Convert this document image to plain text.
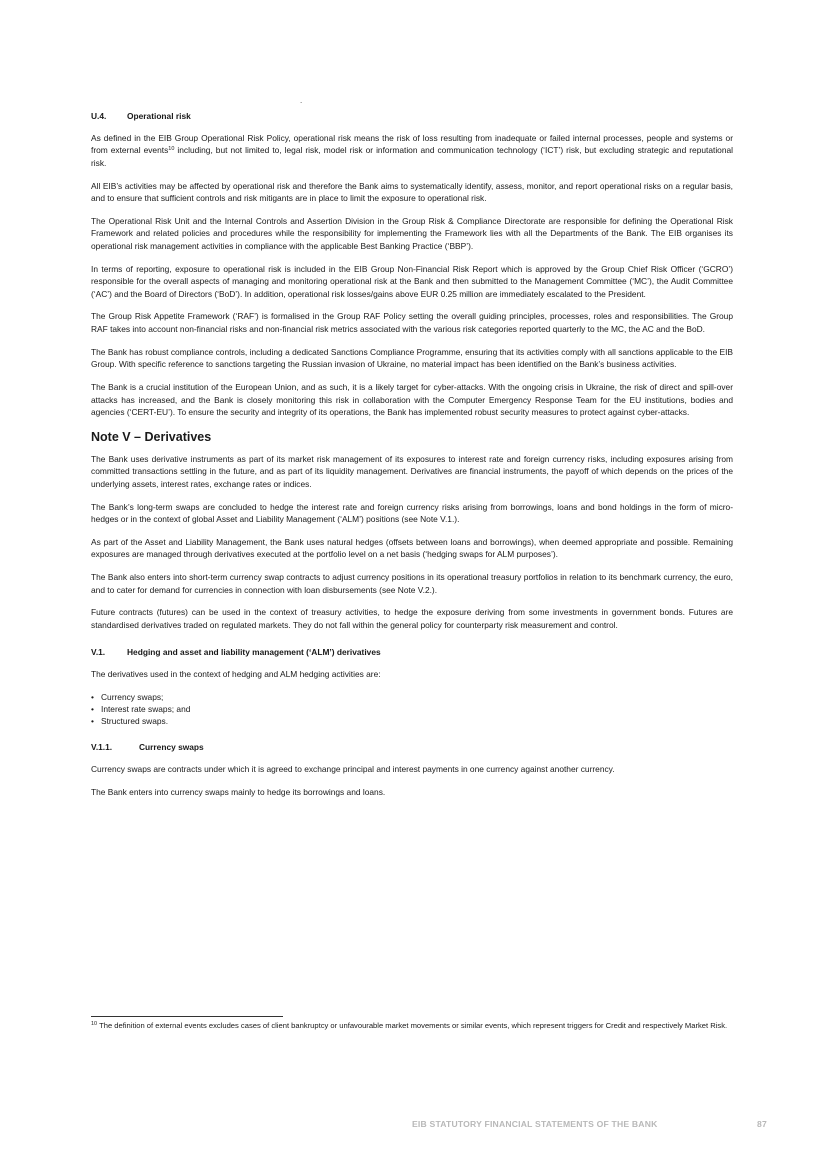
.
U.4. Operational risk

As defined in the EIB Group Operational Risk Policy, operational risk means the risk of loss resulting from inadequate or failed internal processes, people and systems or from external events$^{10}$ including, but not limited to, legal risk, model risk or information and communication technology (‘ICT’) risk, but excluding strategic and reputational risk.

All EIB’s activities may be affected by operational risk and therefore the Bank aims to systematically identify, assess, monitor, and report operational risks on a regular basis, and to ensure that sufficient controls and risk mitigants are in place to limit the exposure to operational risk.

The Operational Risk Unit and the Internal Controls and Assertion Division in the Group Risk & Compliance Directorate are responsible for defining the Operational Risk Framework and related policies and procedures while the responsibility for implementing the Framework lies with all the Departments of the Bank. The EIB organises its operational risk management activities in compliance with the applicable Best Banking Practice (‘BBP’).

In terms of reporting, exposure to operational risk is included in the EIB Group Non-Financial Risk Report which is approved by the Group Chief Risk Officer (‘GCRO’) responsible for the overall aspects of managing and monitoring operational risk at the Bank and then submitted to the Management Committee (‘MC’), the Audit Committee (‘AC’) and the Board of Directors (‘BoD’). In addition, operational risk losses/gains above EUR 0.25 million are immediately escalated to the President.

The Group Risk Appetite Framework (‘RAF’) is formalised in the Group RAF Policy setting the overall guiding principles, processes, roles and responsibilities. The Group RAF takes into account non-financial risks and non-financial risk metrics associated with the various risk categories reported quarterly to the MC, the AC and the BoD.

The Bank has robust compliance controls, including a dedicated Sanctions Compliance Programme, ensuring that its activities comply with all sanctions applicable to the EIB Group. With specific reference to sanctions targeting the Russian invasion of Ukraine, no material impact has been identified on the Bank’s business activities.

The Bank is a crucial institution of the European Union, and as such, it is a likely target for cyber-attacks. With the ongoing crisis in Ukraine, the risk of direct and spill-over attacks has increased, and the Bank is closely monitoring this risk in collaboration with the Computer Emergency Response Team for the EU institutions, bodies and agencies (‘CERT-EU’). To ensure the security and integrity of its operations, the Bank has implemented robust security measures to protect against cyber-attacks.

Note V – Derivatives

The Bank uses derivative instruments as part of its market risk management of its exposures to interest rate and foreign currency risks, including exposures arising from committed transactions settling in the future, and as part of its liquidity management. Derivatives are financial instruments, the payoff of which depends on the prices of the underlying assets, interest rates, exchange rates or indices.

The Bank’s long-term swaps are concluded to hedge the interest rate and foreign currency risks arising from borrowings, loans and bond holdings in the form of micro-hedges or in the context of global Asset and Liability Management (‘ALM’) positions (see Note V.1.).

As part of the Asset and Liability Management, the Bank uses natural hedges (offsets between loans and borrowings), when deemed appropriate and possible. Remaining exposures are managed through derivatives executed at the portfolio level on a net basis (‘hedging swaps for ALM purposes’).

The Bank also enters into short-term currency swap contracts to adjust currency positions in its operational treasury portfolios in relation to its benchmark currency, the euro, and to cater for demand for currencies in connection with loan disbursements (see Note V.2.).

Future contracts (futures) can be used in the context of treasury activities, to hedge the exposure deriving from some investments in government bonds. Futures are standardised derivatives traded on regulated markets. They do not fall within the general policy for counterparty risk measurement and control.

V.1.	Hedging and asset and liability management (‘ALM’) derivatives

The derivatives used in the context of hedging and ALM hedging activities are:

• Currency swaps;
• Interest rate swaps; and
• Structured swaps.
V.1.1.	Currency swaps

Currency swaps are contracts under which it is agreed to exchange principal and interest payments in one currency against another currency.

The Bank enters into currency swaps mainly to hedge its borrowings and loans.

$^{10}$ The definition of external events excludes cases of client bankruptcy or unfavourable market movements or similar events, which represent triggers for Credit and respectively Market Risk.
EIB STATUTORY FINANCIAL STATEMENTS OF THE BANK	87
